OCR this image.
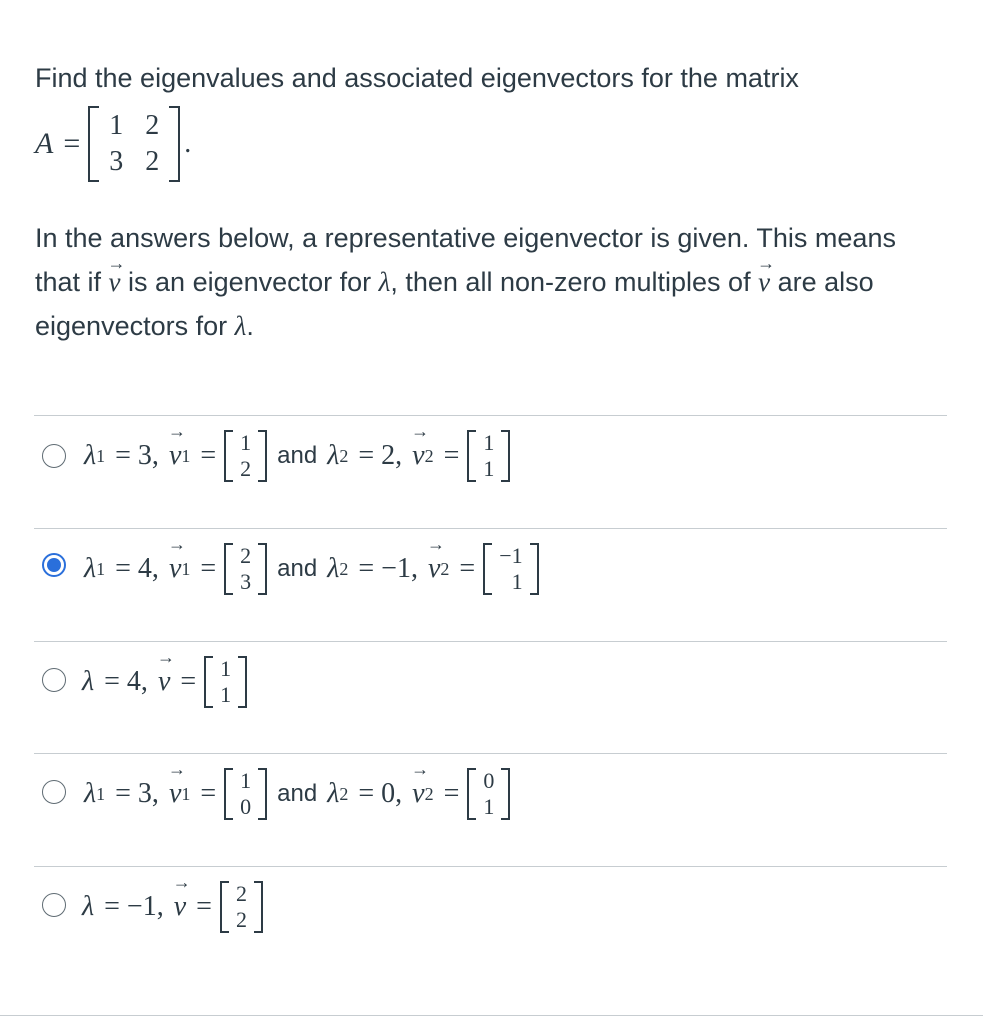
Find the eigenvalues and associated eigenvectors for the matrix
A =
1 2
3 2
.
In the answers below, a representative eigenvector is given. This means that if → v is an eigenvector for λ, then all non-zero multiples of → v are also eigenvectors for λ.
λ 1 = 3, → v 1 = 1
2 and λ 2 = 2, → v 2 = 1
1
λ 1 = 4, → v 1 = 2
3 and λ 2 = −1, → v 2 = −1
1
λ = 4, → v = 1
1
λ 1 = 3, → v 1 = 1
0 and λ 2 = 0, → v 2 = 0
1
λ = −1, → v = 2
2
